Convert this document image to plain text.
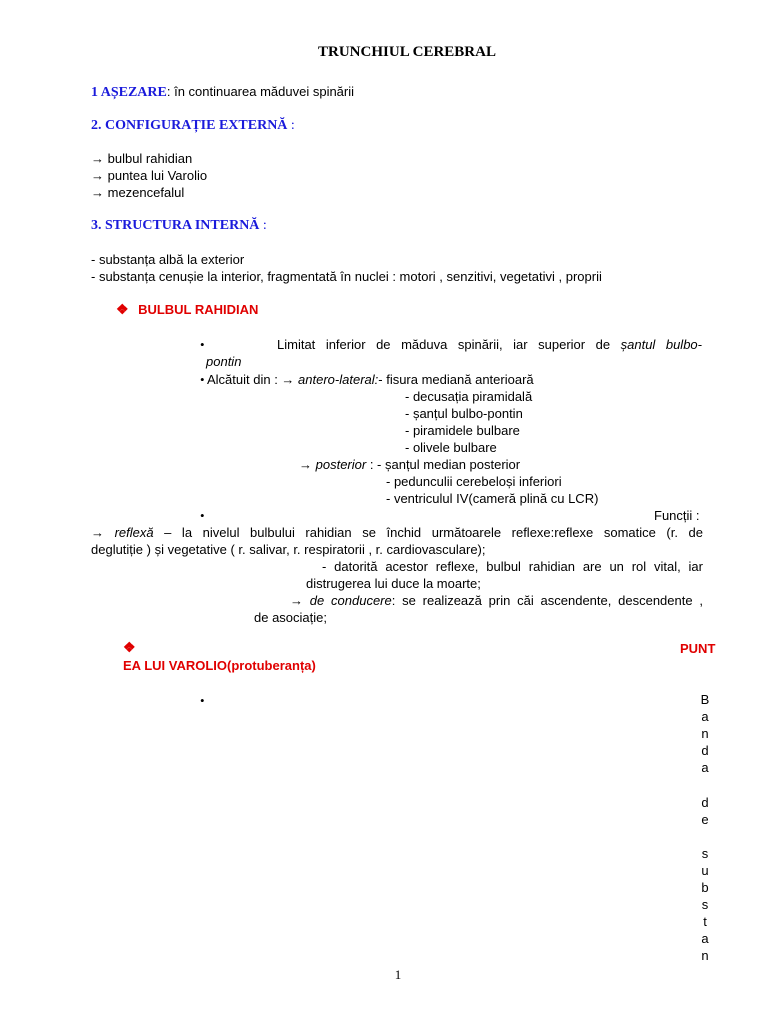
TRUNCHIUL CEREBRAL
1 AȘEZARE: în continuarea măduvei spinării
2. CONFIGURAȚIE EXTERNĂ :
→ bulbul rahidian
→ puntea lui Varolio
→ mezencefalul
3. STRUCTURA INTERNĂ :
- substanța albă la exterior
- substanța cenușie la interior, fragmentată în nuclei : motori , senzitivi, vegetativi , proprii
❖ BULBUL RAHIDIAN
•	Limitat inferior de măduva spinării, iar superior de șantul bulbo-
pontin
• Alcătuit din : → antero-lateral:- fisura mediană anterioară
- decusația piramidală
- șanțul bulbo-pontin
- piramidele bulbare
- olivele bulbare
→ posterior : - șanțul median posterior
- pedunculii cerebeloși inferiori
- ventriculul IV(cameră plină cu LCR)
•	Funcții :
→ reflexă – la nivelul bulbului rahidian se închid următoarele reflexe:reflexe somatice (r. de
deglutiție ) și vegetative ( r. salivar, r. respiratorii , r. cardiovasculare);
- datorită acestor reflexe, bulbul rahidian are un rol vital, iar
distrugerea lui duce la moarte;
→ de conducere: se realizează prin căi ascendente, descendente ,
de asociație;
❖	PUNT
EA LUI VAROLIO(protuberanța)
•	B
a
n
d
a
d
e
s
u
b
s
t
a
n
1
